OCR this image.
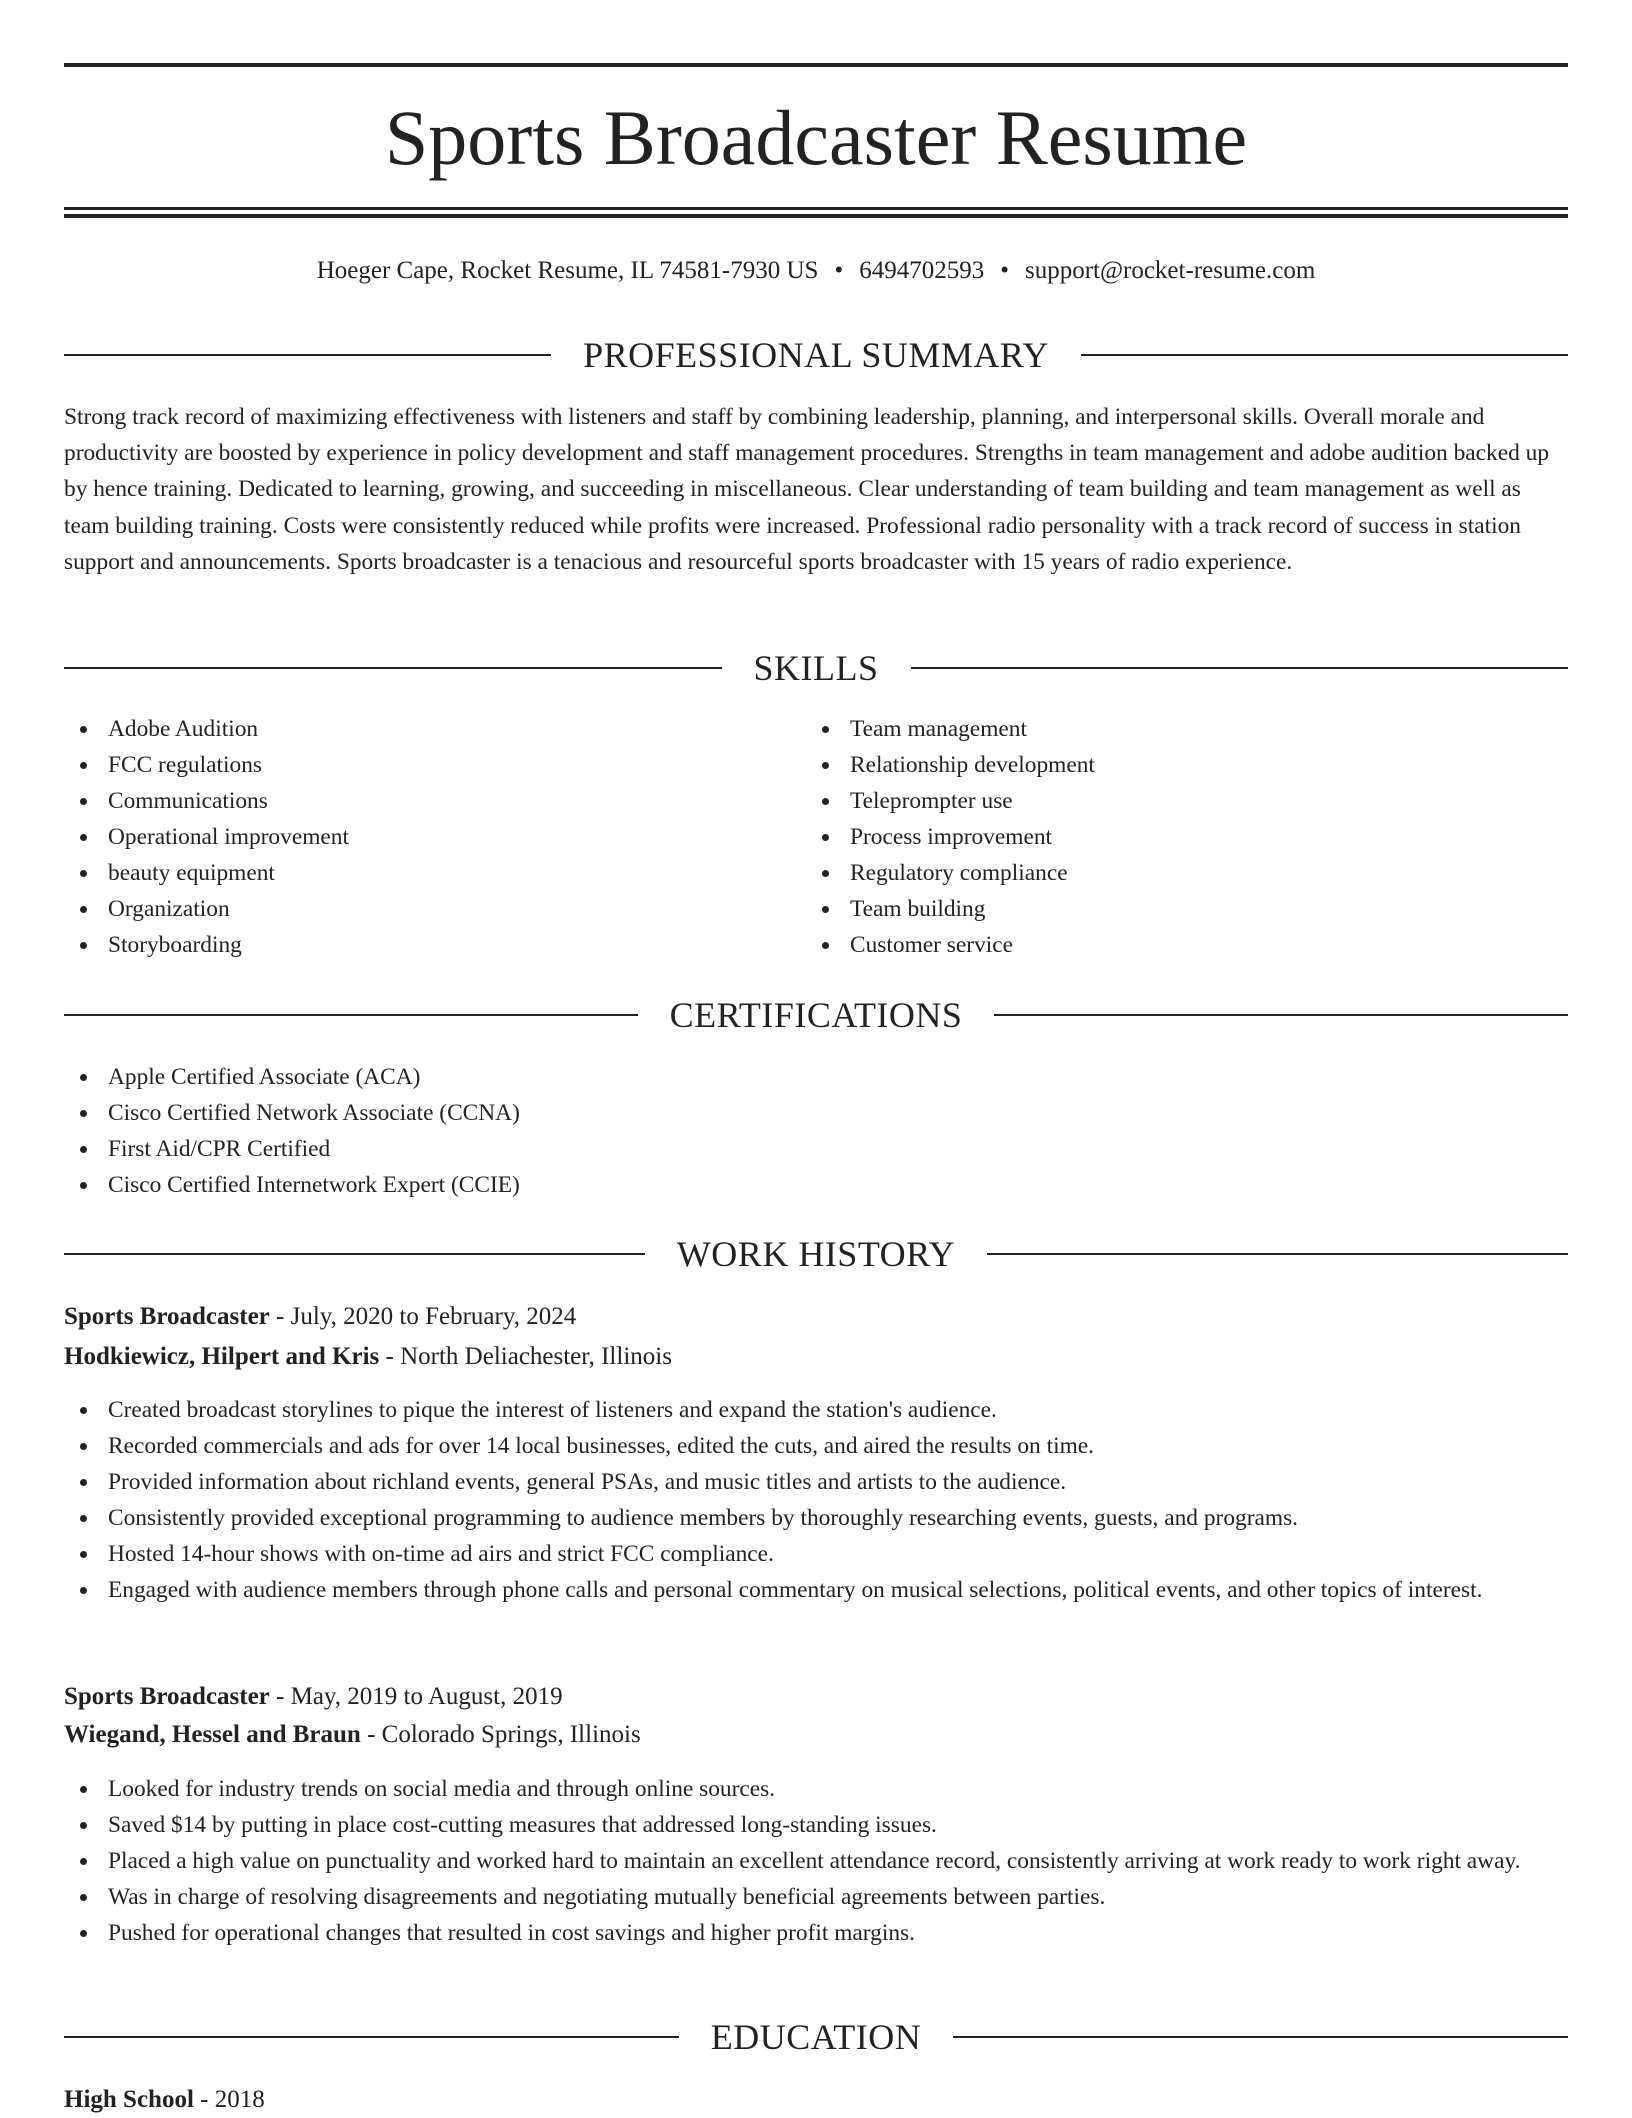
Sports Broadcaster Resume
Hoeger Cape, Rocket Resume, IL 74581-7930 US • 6494702593 • support@rocket-resume.com
PROFESSIONAL SUMMARY

Strong track record of maximizing effectiveness with listeners and staff by combining leadership, planning, and interpersonal skills. Overall morale and productivity are boosted by experience in policy development and staff management procedures. Strengths in team management and adobe audition backed up by hence training. Dedicated to learning, growing, and succeeding in miscellaneous. Clear understanding of team building and team management as well as team building training. Costs were consistently reduced while profits were increased. Professional radio personality with a track record of success in station support and announcements. Sports broadcaster is a tenacious and resourceful sports broadcaster with 15 years of radio experience.

SKILLS
Adobe Audition
FCC regulations
Communications
Operational improvement
beauty equipment
Organization
Storyboarding
Team management
Relationship development
Teleprompter use
Process improvement
Regulatory compliance
Team building
Customer service
CERTIFICATIONS
Apple Certified Associate (ACA)
Cisco Certified Network Associate (CCNA)
First Aid/CPR Certified
Cisco Certified Internetwork Expert (CCIE)
WORK HISTORY
Sports Broadcaster - July, 2020 to February, 2024
Hodkiewicz, Hilpert and Kris - North Deliachester, Illinois
Created broadcast storylines to pique the interest of listeners and expand the station's audience.
Recorded commercials and ads for over 14 local businesses, edited the cuts, and aired the results on time.
Provided information about richland events, general PSAs, and music titles and artists to the audience.
Consistently provided exceptional programming to audience members by thoroughly researching events, guests, and programs.
Hosted 14-hour shows with on-time ad airs and strict FCC compliance.
Engaged with audience members through phone calls and personal commentary on musical selections, political events, and other topics of interest.
Sports Broadcaster - May, 2019 to August, 2019
Wiegand, Hessel and Braun - Colorado Springs, Illinois
Looked for industry trends on social media and through online sources.
Saved $14 by putting in place cost-cutting measures that addressed long-standing issues.
Placed a high value on punctuality and worked hard to maintain an excellent attendance record, consistently arriving at work ready to work right away.
Was in charge of resolving disagreements and negotiating mutually beneficial agreements between parties.
Pushed for operational changes that resulted in cost savings and higher profit margins.
EDUCATION
High School - 2018
